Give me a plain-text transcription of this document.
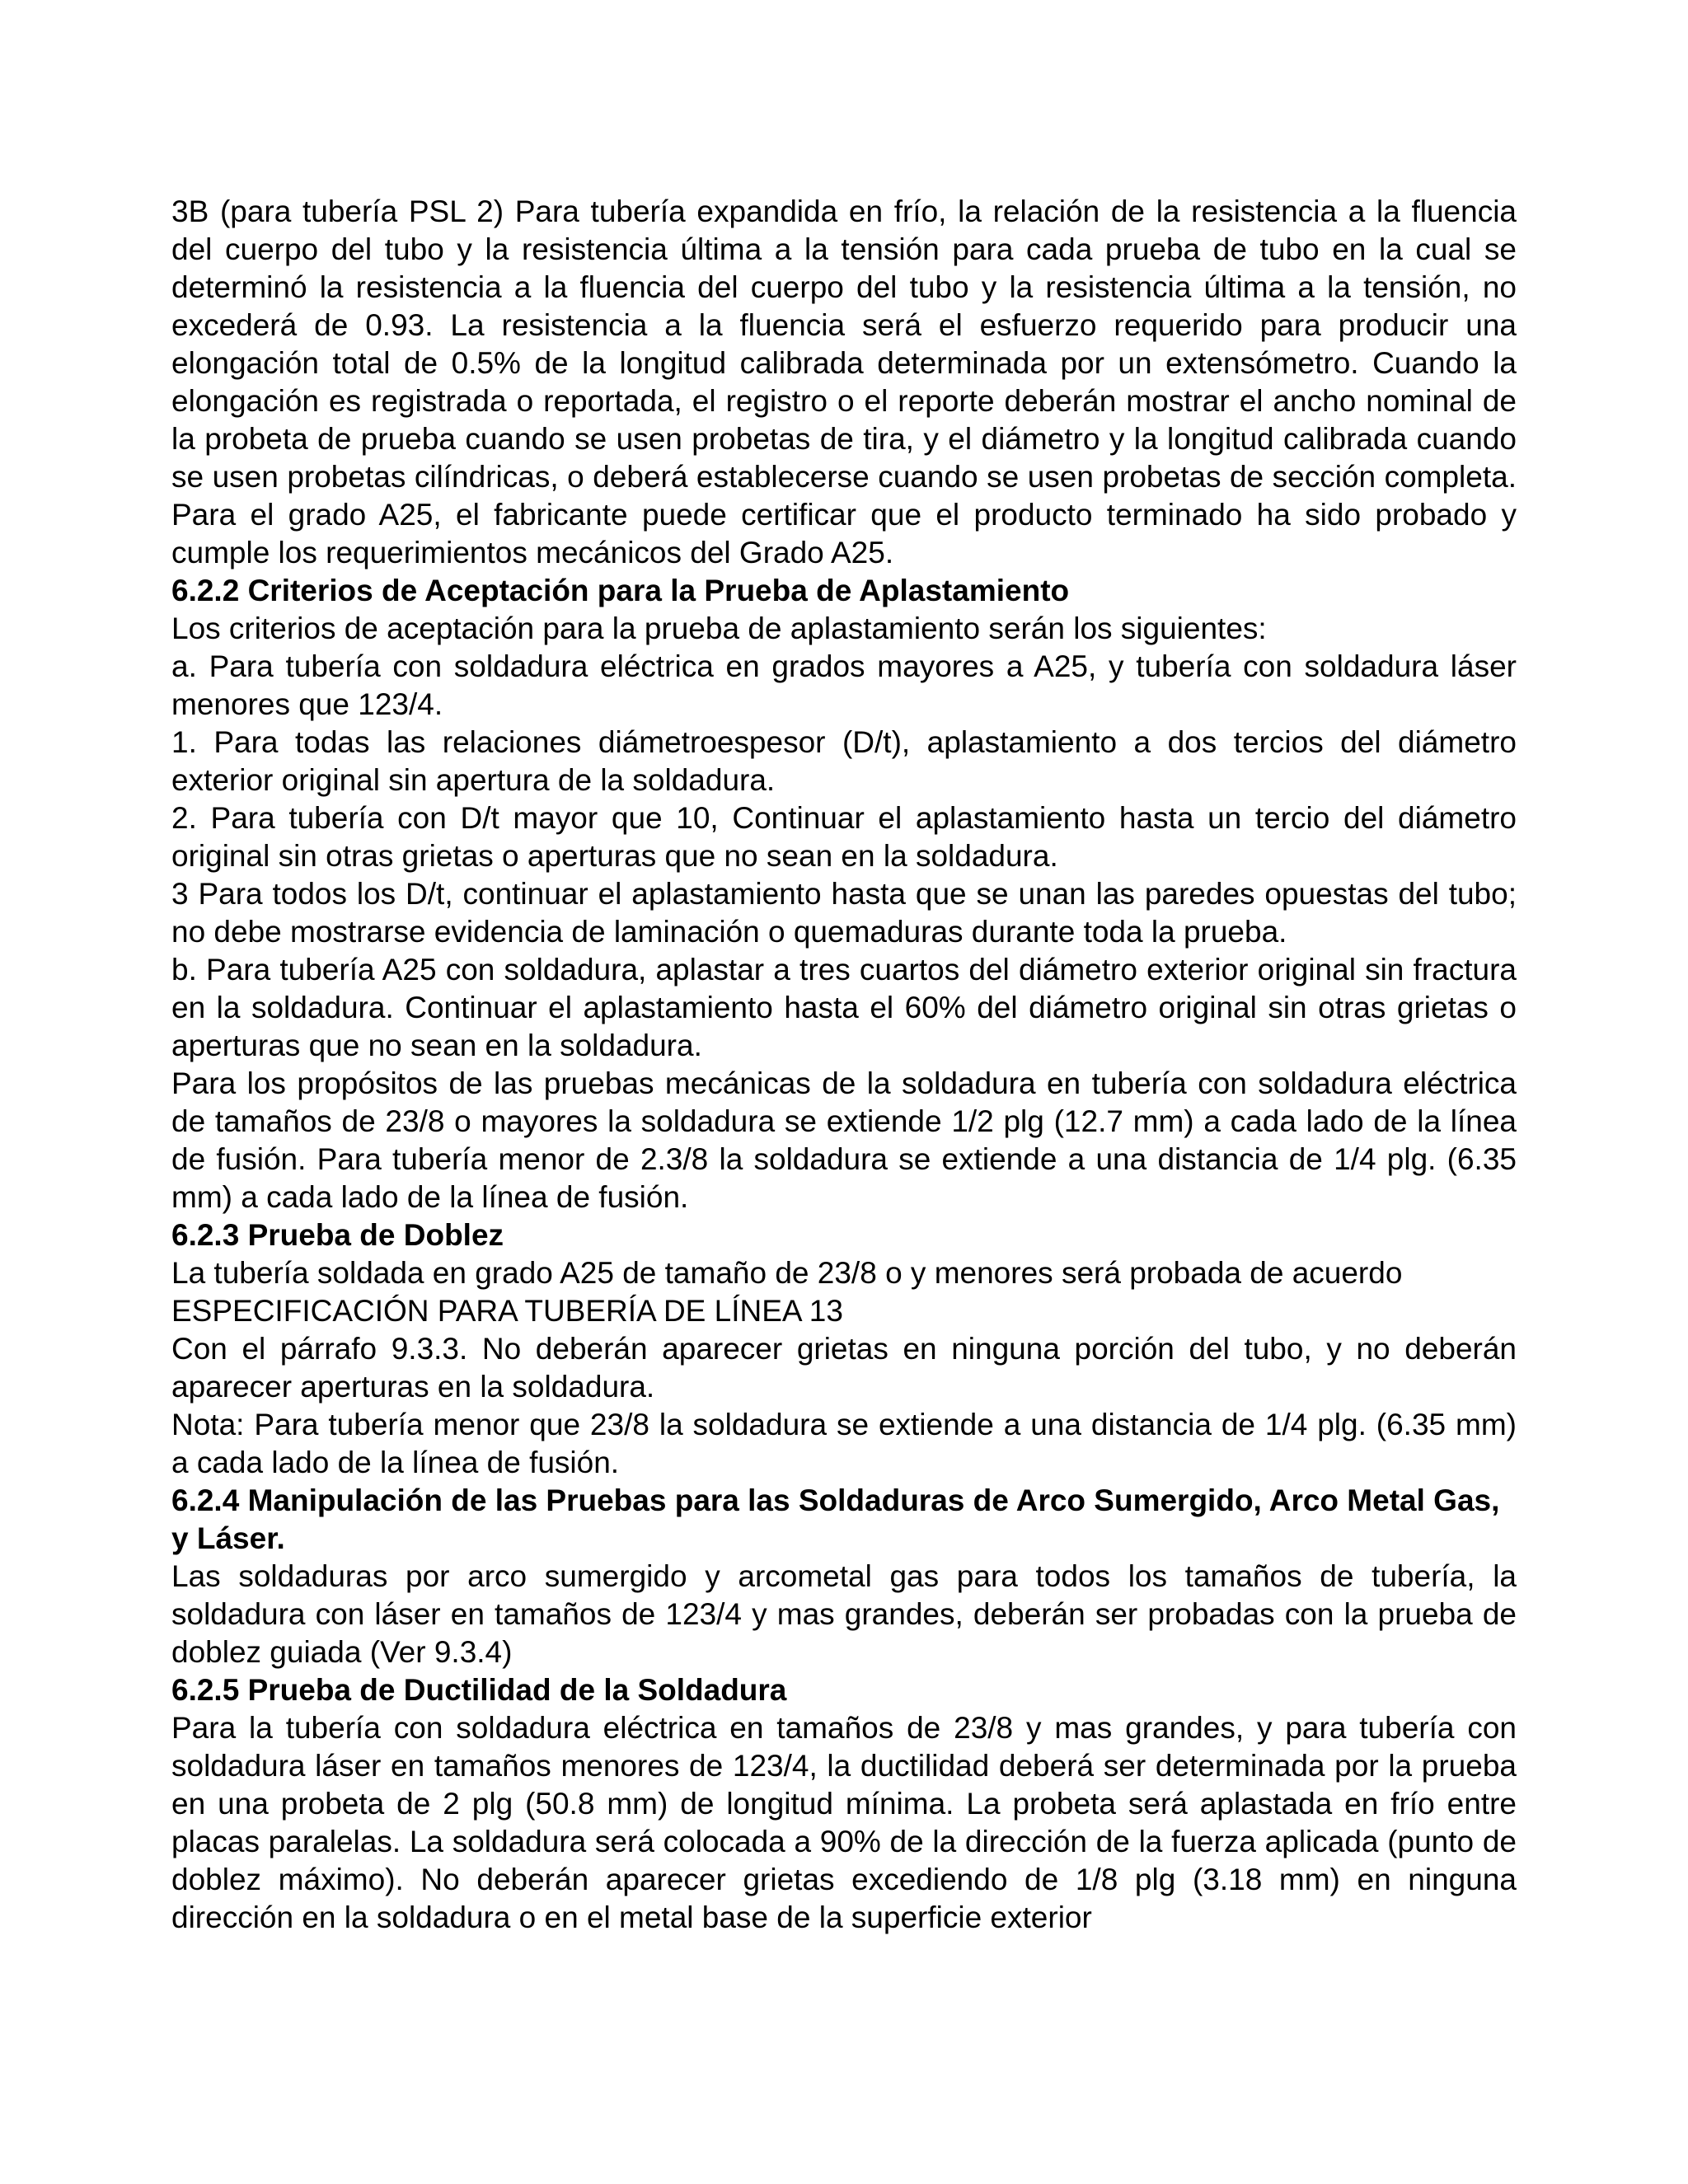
3B (para tubería PSL 2) Para tubería expandida en frío, la relación de la resistencia a la fluencia del cuerpo del tubo y la resistencia última a la tensión para cada prueba de tubo en la cual se determinó la resistencia a la fluencia del cuerpo del tubo y la resistencia última a la tensión, no excederá de 0.93. La resistencia a la fluencia será el esfuerzo requerido para producir una elongación total de 0.5% de la longitud calibrada determinada por un extensómetro. Cuando la elongación es registrada o reportada, el registro o el reporte deberán mostrar el ancho nominal de la probeta de prueba cuando se usen probetas de tira, y el diámetro y la longitud calibrada cuando se usen probetas cilíndricas, o deberá establecerse cuando se usen probetas de sección completa. Para el grado A25, el fabricante puede certificar que el producto terminado ha sido probado y cumple los requerimientos mecánicos del Grado A25.

6.2.2 Criterios de Aceptación para la Prueba de Aplastamiento

Los criterios de aceptación para la prueba de aplastamiento serán los siguientes:

a. Para tubería con soldadura eléctrica en grados mayores a A25, y tubería con soldadura láser menores que 123/4.

1. Para todas las relaciones diámetroespesor (D/t), aplastamiento a dos tercios del diámetro exterior original sin apertura de la soldadura.

2. Para tubería con D/t mayor que 10, Continuar el aplastamiento hasta un tercio del diámetro original sin otras grietas o aperturas que no sean en la soldadura.

3 Para todos los D/t, continuar el aplastamiento hasta que se unan las paredes opuestas del tubo; no debe mostrarse evidencia de laminación o quemaduras durante toda la prueba.

b. Para tubería A25 con soldadura, aplastar a tres cuartos del diámetro exterior original sin fractura en la soldadura. Continuar el aplastamiento hasta el 60% del diámetro original sin otras grietas o aperturas que no sean en la soldadura.

Para los propósitos de las pruebas mecánicas de la soldadura en tubería con soldadura eléctrica de tamaños de 23/8 o mayores la soldadura se extiende 1/2 plg (12.7 mm) a cada lado de la línea de fusión. Para tubería menor de 2.3/8 la soldadura se extiende a una distancia de 1/4 plg. (6.35 mm) a cada lado de la línea de fusión.

6.2.3 Prueba de Doblez

La tubería soldada en grado A25 de tamaño de 23/8 o y menores será probada de acuerdo

ESPECIFICACIÓN PARA TUBERÍA DE LÍNEA 13

Con el párrafo 9.3.3. No deberán aparecer grietas en ninguna porción del tubo, y no deberán aparecer aperturas en la soldadura.

Nota: Para tubería menor que 23/8 la soldadura se extiende a una distancia de 1/4 plg. (6.35 mm) a cada lado de la línea de fusión.

6.2.4 Manipulación de las Pruebas para las Soldaduras de Arco Sumergido, Arco Metal Gas, y Láser.

Las soldaduras por arco sumergido y arcometal gas para todos los tamaños de tubería, la soldadura con láser en tamaños de 123/4 y mas grandes, deberán ser probadas con la prueba de doblez guiada (Ver 9.3.4)

6.2.5 Prueba de Ductilidad de la Soldadura

Para la tubería con soldadura eléctrica en tamaños de 23/8 y mas grandes, y para tubería con soldadura láser en tamaños menores de 123/4, la ductilidad deberá ser determinada por la prueba en una probeta de 2 plg (50.8 mm) de longitud mínima. La probeta será aplastada en frío entre placas paralelas. La soldadura será colocada a 90% de la dirección de la fuerza aplicada (punto de doblez máximo). No deberán aparecer grietas excediendo de 1/8 plg (3.18 mm) en ninguna dirección en la soldadura o en el metal base de la superficie exterior
